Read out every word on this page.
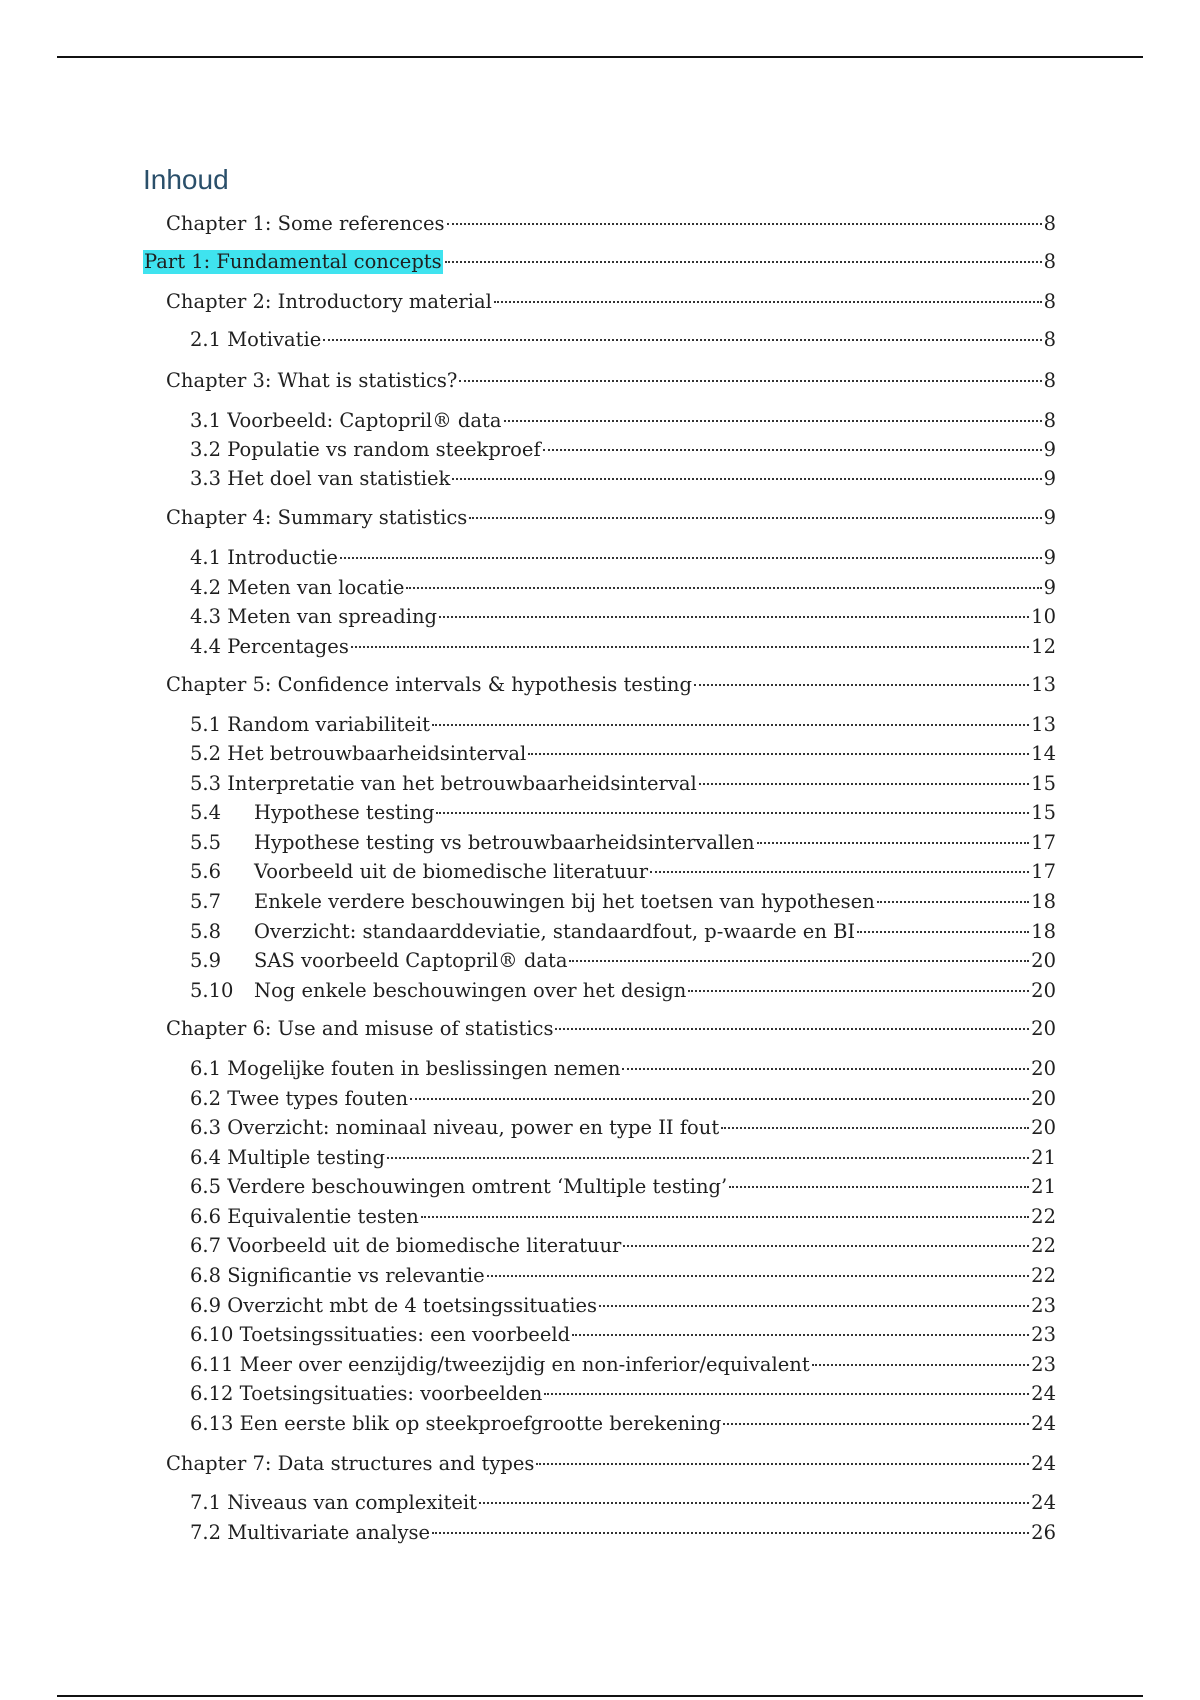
Inhoud
Chapter 1: Some references	8
Part 1: Fundamental concepts	8
Chapter 2: Introductory material	8
2.1 Motivatie	8
Chapter 3: What is statistics?	8
3.1 Voorbeeld: Captopril® data	8
3.2 Populatie vs random steekproef	9
3.3 Het doel van statistiek	9
Chapter 4: Summary statistics	9
4.1 Introductie	9
4.2 Meten van locatie	9
4.3 Meten van spreading	10
4.4 Percentages	12
Chapter 5: Confidence intervals & hypothesis testing	13
5.1 Random variabiliteit	13
5.2 Het betrouwbaarheidsinterval	14
5.3 Interpretatie van het betrouwbaarheidsinterval	15
5.4	Hypothese testing	15
5.5	Hypothese testing vs betrouwbaarheidsintervallen	17
5.6	Voorbeeld uit de biomedische literatuur	17
5.7	Enkele verdere beschouwingen bij het toetsen van hypothesen	18
5.8	Overzicht: standaarddeviatie, standaardfout, p-waarde en BI	18
5.9	SAS voorbeeld Captopril® data	20
5.10	Nog enkele beschouwingen over het design	20
Chapter 6: Use and misuse of statistics	20
6.1 Mogelijke fouten in beslissingen nemen	20
6.2 Twee types fouten	20
6.3 Overzicht: nominaal niveau, power en type II fout	20
6.4 Multiple testing	21
6.5 Verdere beschouwingen omtrent ‘Multiple testing’	21
6.6 Equivalentie testen	22
6.7 Voorbeeld uit de biomedische literatuur	22
6.8 Significantie vs relevantie	22
6.9 Overzicht mbt de 4 toetsingssituaties	23
6.10 Toetsingssituaties: een voorbeeld	23
6.11 Meer over eenzijdig/tweezijdig en non-inferior/equivalent	23
6.12 Toetsingsituaties: voorbeelden	24
6.13 Een eerste blik op steekproefgrootte berekening	24
Chapter 7: Data structures and types	24
7.1 Niveaus van complexiteit	24
7.2 Multivariate analyse	26
